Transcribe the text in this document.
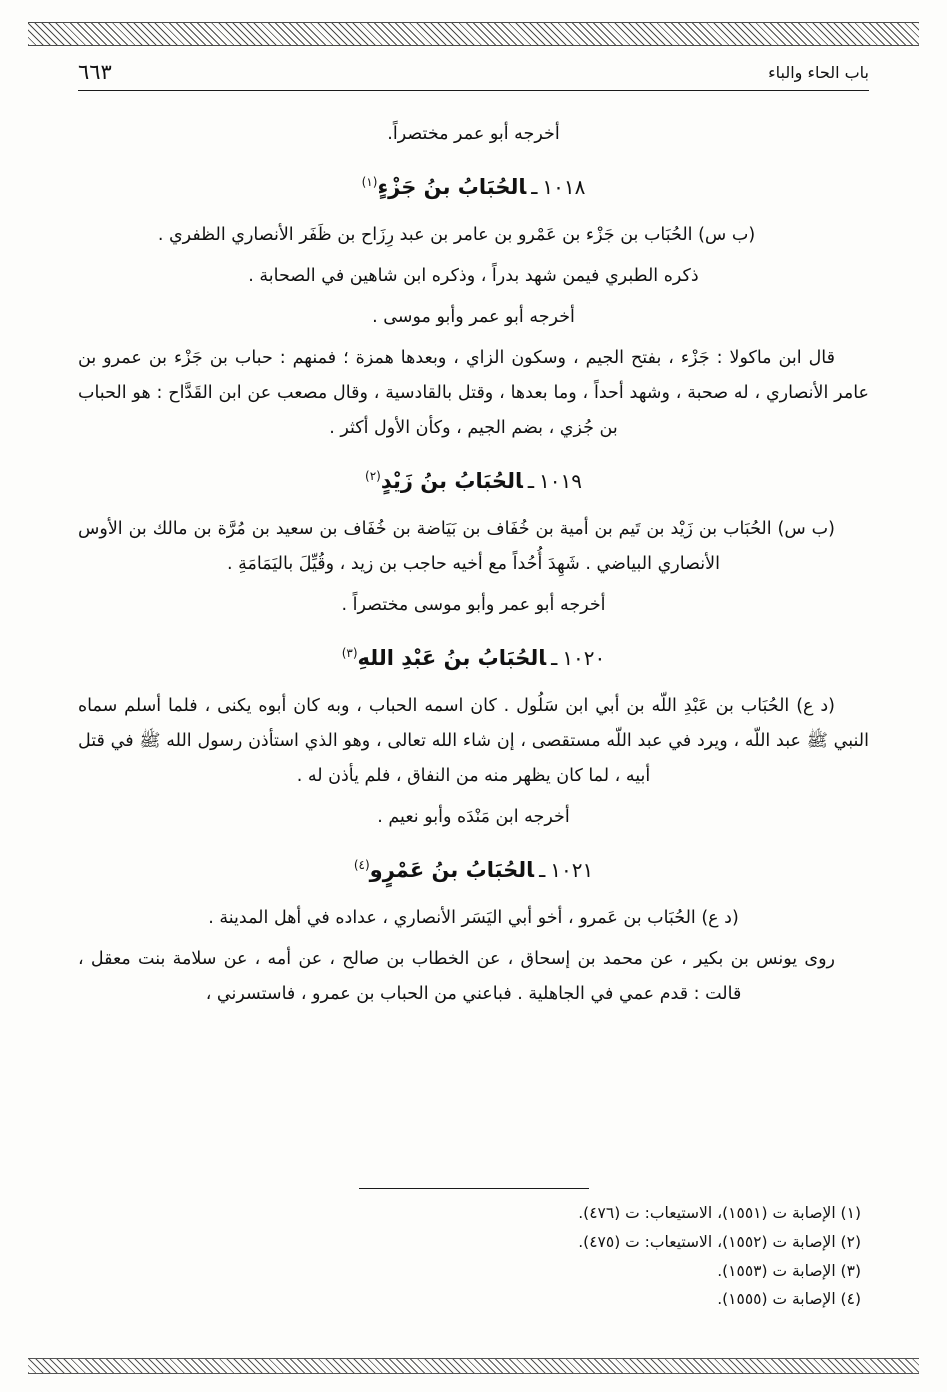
٦٦٣	باب الحاء والباء

أخرجه أبو عمر مختصراً.

١٠١٨ـالحُبَابُ بنُ جَزْءٍ$^{(١)}$

(ب س) الحُبَاب بن جَزْء بن عَمْرو بن عامر بن عبد رِزَاح بن ظَفَر الأنصاري الظفري .

ذكره الطبري فيمن شهد بدراً ، وذكره ابن شاهين في الصحابة .

أخرجه أبو عمر وأبو موسى .

قال ابن ماكولا : جَزْء ، بفتح الجيم ، وسكون الزاي ، وبعدها همزة ؛ فمنهم : حباب بن جَزْء بن عمرو بن عامر الأنصاري ، له صحبة ، وشهد أحداً ، وما بعدها ، وقتل بالقادسية ، وقال مصعب عن ابن القَدَّاح : هو الحباب بن جُزي ، بضم الجيم ، وكأن الأول أكثر .

١٠١٩ـالحُبَابُ بنُ زَيْدٍ$^{(٢)}$

(ب س) الحُبَاب بن زَيْد بن تَيم بن أمية بن خُفَاف بن بَيَاضة بن خُفَاف بن سعيد بن مُرَّة بن مالك بن الأوس الأنصاري البياضي . شَهِدَ أُحُداً مع أخيه حاجب بن زيد ، وقُيِّلَ باليَمَامَةِ .

أخرجه أبو عمر وأبو موسى مختصراً .

١٠٢٠ـالحُبَابُ بنُ عَبْدِ اللهِ$^{(٣)}$

(د ع) الحُبَاب بن عَبْدِ اللّه بن أبي ابن سَلُول . كان اسمه الحباب ، وبه كان أبوه يكنى ، فلما أسلم سماه النبي ﷺ عبد اللّه ، ويرد في عبد اللّه مستقصى ، إن شاء الله تعالى ، وهو الذي استأذن رسول الله ﷺ في قتل أبيه ، لما كان يظهر منه من النفاق ، فلم يأذن له .

أخرجه ابن مَنْدَه وأبو نعيم .

١٠٢١ـالحُبَابُ بنُ عَمْرٍو$^{(٤)}$

(د ع) الحُبَاب بن عَمرو ، أخو أبي اليَسَر الأنصاري ، عداده في أهل المدينة .

روى يونس بن بكير ، عن محمد بن إسحاق ، عن الخطاب بن صالح ، عن أمه ، عن سلامة بنت معقل ، قالت : قدم عمي في الجاهلية . فباعني من الحباب بن عمرو ، فاستسرني ،

(١) الإصابة ت (١٥٥١)، الاستيعاب: ت (٤٧٦).

(٢) الإصابة ت (١٥٥٢)، الاستيعاب: ت (٤٧٥).

(٣) الإصابة ت (١٥٥٣).

(٤) الإصابة ت (١٥٥٥).
